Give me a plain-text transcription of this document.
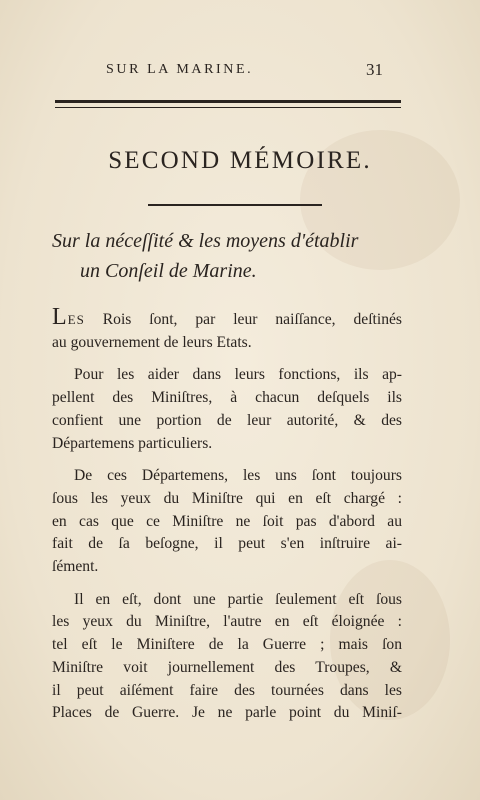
SUR LA MARINE.	31
SECOND MÉMOIRE.
Sur la néceſſité & les moyens d'établir
un Conſeil de Marine.
LES Rois ſont, par leur naiſſance, deſtinés
au gouvernement de leurs Etats.
Pour les aider dans leurs fonctions, ils ap-
pellent des Miniſtres, à chacun deſquels ils
confient une portion de leur autorité, & des
Départemens particuliers.
De ces Départemens, les uns ſont toujours
ſous les yeux du Miniſtre qui en eſt chargé :
en cas que ce Miniſtre ne ſoit pas d'abord au
fait de ſa beſogne, il peut s'en inſtruire ai-
ſément.
Il en eſt, dont une partie ſeulement eſt ſous
les yeux du Miniſtre, l'autre en eſt éloignée :
tel eſt le Miniſtere de la Guerre ; mais ſon
Miniſtre voit journellement des Troupes, &
il peut aiſément faire des tournées dans les
Places de Guerre. Je ne parle point du Miniſ-
